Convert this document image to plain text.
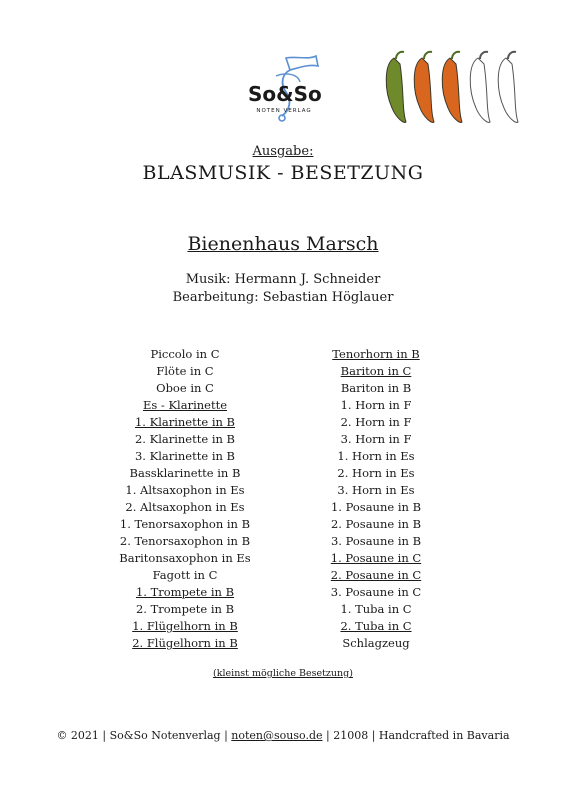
So&So
NOTEN VERLAG
Ausgabe:
BLASMUSIK - BESETZUNG
Bienenhaus Marsch
Musik: Hermann J. Schneider
Bearbeitung: Sebastian Höglauer
Piccolo in C
Flöte in C
Oboe in C
Es - Klarinette
1. Klarinette in B
2. Klarinette in B
3. Klarinette in B
Bassklarinette in B
1. Altsaxophon in Es
2. Altsaxophon in Es
1. Tenorsaxophon in B
2. Tenorsaxophon in B
Baritonsaxophon in Es
Fagott in C
1. Trompete in B
2. Trompete in B
1. Flügelhorn in B
2. Flügelhorn in B
Tenorhorn in B
Bariton in C
Bariton in B
1. Horn in F
2. Horn in F
3. Horn in F
1. Horn in Es
2. Horn in Es
3. Horn in Es
1. Posaune in B
2. Posaune in B
3. Posaune in B
1. Posaune in C
2. Posaune in C
3. Posaune in C
1. Tuba in C
2. Tuba in C
Schlagzeug
(kleinst mögliche Besetzung)
© 2021 | So&So Notenverlag | noten@souso.de | 21008 | Handcrafted in Bavaria
